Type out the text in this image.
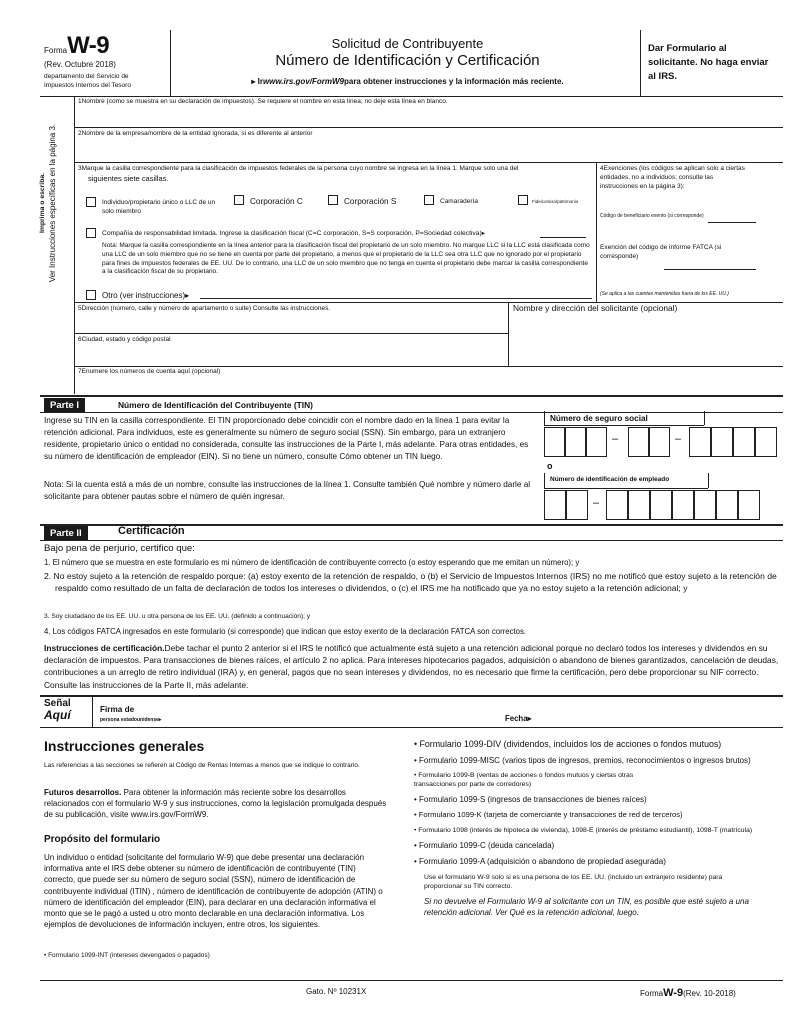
FormaW-9
(Rev. Octubre 2018)
departamento del Servicio de Impuestos Internos del Tesoro
Solicitud de Contribuyente
Número de Identificación y Certificación
▸ Irwww.irs.gov/FormW9para obtener instrucciones y la información más reciente.
Dar Formulario al solicitante. No haga enviar al IRS.
Imprima o escriba. Ver Instrucciones específicas en la página 3.
1Nombre (como se muestra en su declaración de impuestos). Se requiere el nombre en esta línea; no deje esta línea en blanco.
2Nombre de la empresa/nombre de la entidad ignorada, si es diferente al anterior
3Marque la casilla correspondiente para la clasificación de impuestos federales de la persona cuyo nombre se ingresa en la línea 1. Marque solo una del
siguientes siete casillas.
Individuo/propietario único o LLC de un solo miembro
Corporación C	Corporación S	Camaradería	Fideicomiso/patrimonio
Compañía de responsabilidad limitada. Ingrese la clasificación fiscal (C=C corporación, S=S corporación, P=Sociedad colectiva)▸
Nota: Marque la casilla correspondiente en la línea anterior para la clasificación fiscal del propietario de un solo miembro. No marque LLC si la LLC está clasificada como una LLC de un solo miembro que no se tiene en cuenta por parte del propietario, a menos que el propietario de la LLC sea otra LLC que no ignorado por el propietario para fines de impuestos federales de EE. UU. De lo contrario, una LLC de un solo miembro que no tenga en cuenta el propietario debe marcar la casilla correspondiente a la clasificación fiscal de su propietario.
Otro (ver instrucciones)▸
4Exenciones (los códigos se aplican solo a ciertas entidades, no a individuos; consulte las instrucciones en la página 3):
Código de beneficiario exento (si corresponde)
Exención del código de informe FATCA (si corresponde)
(Se aplica a las cuentas mantenidas fuera de los EE. UU.)
5Dirección (número, calle y número de apartamento o suite) Consulte las instrucciones.	Nombre y dirección del solicitante (opcional)
6Ciudad, estado y código postal
7Enumere los números de cuenta aquí (opcional)
Parte I	Número de Identificación del Contribuyente (TIN)
Ingrese su TIN en la casilla correspondiente. El TIN proporcionado debe coincidir con el nombre dado en la línea 1 para evitar la retención adicional. Para individuos, este es generalmente su número de seguro social (SSN). Sin embargo, para un extranjero residente, propietario único o entidad no considerada, consulte las instrucciones de la Parte I, más adelante. Para otras entidades, es su número de identificación de empleador (EIN). Si no tiene un número, consulte Cómo obtener un TIN luego.
Nota: Si la cuenta está a más de un nombre, consulte las instrucciones de la línea 1. Consulte también Qué nombre y número darle al solicitante para obtener pautas sobre el número de quién ingresar.
Número de seguro social
–	–
o
Número de identificación de empleado
–
Parte II	Certificación
Bajo pena de perjurio, certifico que:
1. El número que se muestra en este formulario es mi número de identificación de contribuyente correcto (o estoy esperando que me emitan un número); y
2. No estoy sujeto a la retención de respaldo porque: (a) estoy exento de la retención de respaldo, o (b) el Servicio de Impuestos Internos (IRS) no me notificó que estoy sujeto a la retención de respaldo como resultado de un falta de declaración de todos los intereses o dividendos, o (c) el IRS me ha notificado que ya no estoy sujeto a la retención adicional; y
3. Soy ciudadano de los EE. UU. u otra persona de los EE. UU. (definido a continuación); y
4. Los códigos FATCA ingresados en este formulario (si corresponde) que indican que estoy exento de la declaración FATCA son correctos.
Instrucciones de certificación.Debe tachar el punto 2 anterior si el IRS le notificó que actualmente está sujeto a una retención adicional porque no declaró todos los intereses y dividendos en su declaración de impuestos. Para transacciones de bienes raíces, el artículo 2 no aplica. Para intereses hipotecarios pagados, adquisición o abandono de bienes garantizados, cancelación de deudas, contribuciones a un arreglo de retiro individual (IRA) y, en general, pagos que no sean intereses y dividendos, no es necesario que firme la certificación, pero debe proporcionar su NIF correcto. Consulte las instrucciones de la Parte II, más adelante.
Señal
Aquí	Firma de
persona estadounidense▸	Fecha▸
Instrucciones generales
Las referencias a las secciones se refieren al Código de Rentas Internas a menos que se indique lo contrario.
Futuros desarrollos. Para obtener la información más reciente sobre los desarrollos relacionados con el formulario W-9 y sus instrucciones, como la legislación promulgada después de su publicación, visite www.irs.gov/FormW9.
Propósito del formulario
Un individuo o entidad (solicitante del formulario W-9) que debe presentar una declaración informativa ante el IRS debe obtener su número de identificación de contribuyente (TIN) correcto, que puede ser su número de seguro social (SSN), número de identificación de contribuyente individual (ITIN) , número de identificación de contribuyente de adopción (ATIN) o número de identificación del empleador (EIN), para declarar en una declaración informativa el monto que se le pagó a usted u otro monto declarable en una declaración informativa. Los ejemplos de devoluciones de información incluyen, entre otros, los siguientes.
• Formulario 1099-INT (intereses devengados o pagados)
• Formulario 1099-DIV (dividendos, incluidos los de acciones o fondos mutuos)
• Formulario 1099-MISC (varios tipos de ingresos, premios, reconocimientos o ingresos brutos)
• Formulario 1099-B (ventas de acciones o fondos mutuos y ciertas otras transacciones por parte de corredores)
• Formulario 1099-S (ingresos de transacciones de bienes raíces)
• Formulario 1099-K (tarjeta de comerciante y transacciones de red de terceros)
• Formulario 1098 (interés de hipoteca de vivienda), 1098-E (interés de préstamo estudiantil), 1098-T (matrícula)
• Formulario 1099-C (deuda cancelada)
• Formulario 1099-A (adquisición o abandono de propiedad asegurada)
Use el formulario W-9 solo si es una persona de los EE. UU. (incluido un extranjero residente) para proporcionar su TIN correcto.
Si no devuelve el Formulario W-9 al solicitante con un TIN, es posible que esté sujeto a una retención adicional. Ver Qué es la retención adicional, luego.
Gato. Nº 10231X	FormaW-9(Rev. 10-2018)
